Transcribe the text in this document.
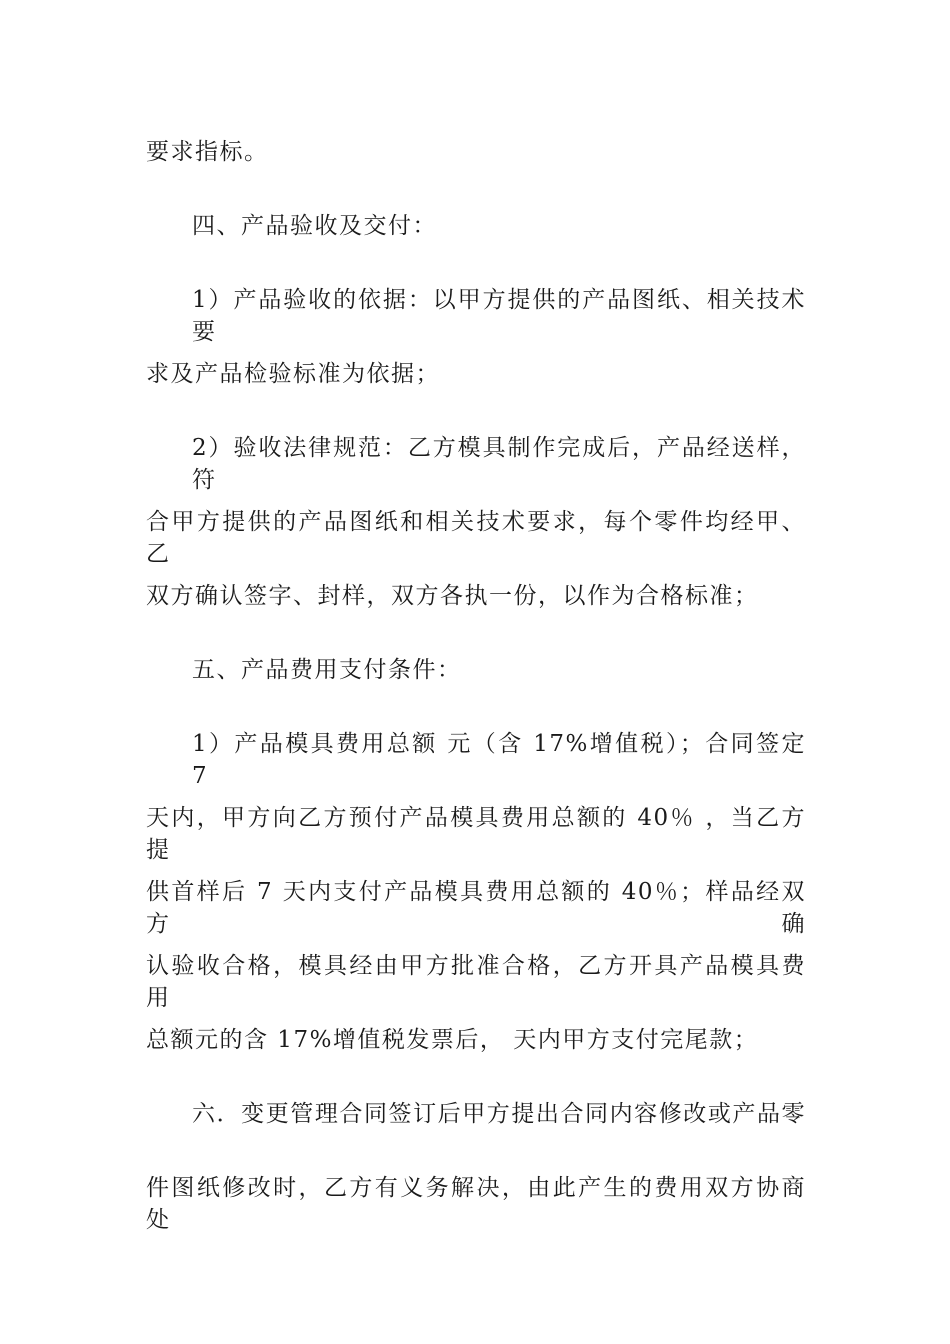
要求指标。
四、产品验收及交付：
1）产品验收的依据：以甲方提供的产品图纸、相关技术要
求及产品检验标准为依据；
2）验收法律规范：乙方模具制作完成后，产品经送样，符
合甲方提供的产品图纸和相关技术要求，每个零件均经甲、乙
双方确认签字、封样，双方各执一份，以作为合格标准；
五、产品费用支付条件：
1）产品模具费用总额 元（含 17%增值税）；合同签定 7
天内，甲方向乙方预付产品模具费用总额的 40％ ，当乙方提
供首样后 7 天内支付产品模具费用总额的 40％；样品经双方确
认验收合格，模具经由甲方批准合格，乙方开具产品模具费用
总额元的含 17%增值税发票后， 天内甲方支付完尾款；
六．变更管理合同签订后甲方提出合同内容修改或产品零
件图纸修改时，乙方有义务解决，由此产生的费用双方协商处
